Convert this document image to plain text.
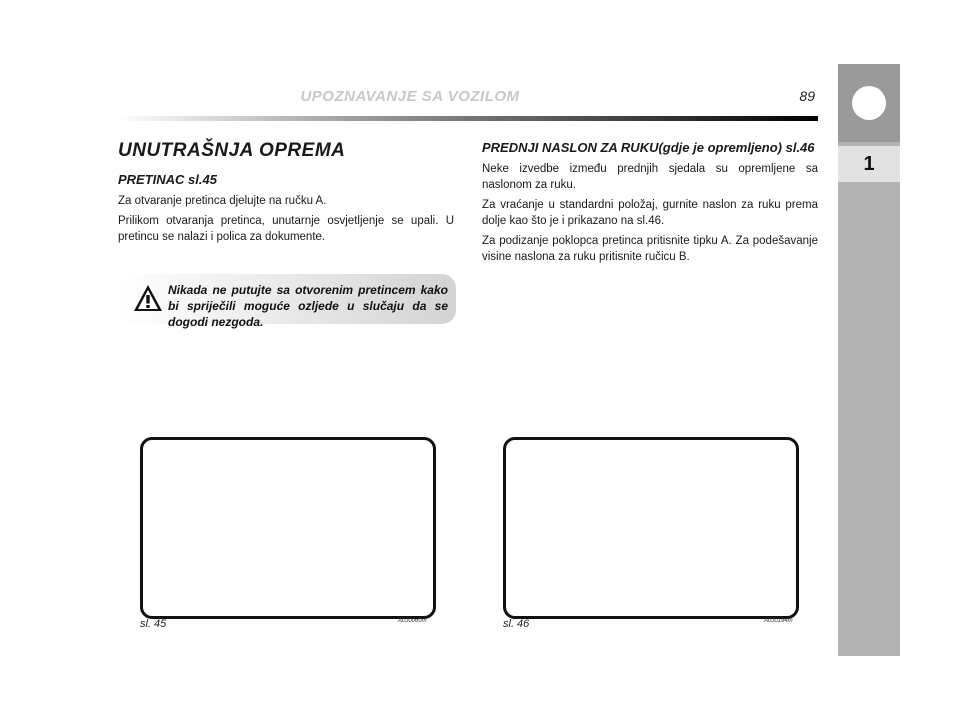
UPOZNAVANJE SA VOZILOM	89
1
UNUTRAŠNJA OPREMA
PRETINAC sl.45

Za otvaranje pretinca djelujte na ručku A.

Prilikom otvaranja pretinca, unutarnje osvjetljenje se upali. U pretincu se nalazi i polica za dokumente.

Nikada ne putujte sa otvorenim pretincem kako bi spriječili moguće ozljede u slučaju da se dogodi nezgoda.
PREDNJI NASLON ZA RUKU(gdje je opremljeno) sl.46

Neke izvedbe između prednjih sjedala su opremljene sa naslonom za ruku.

Za vraćanje u standardni položaj, gurnite naslon za ruku prema dolje kao što je i prikazano na sl.46.

Za podizanje poklopca pretinca pritisnite tipku A. Za podešavanje visine naslona za ruku pritisnite ručicu B.

sl. 45	A0J0060m	sl. 46	A0J0194m
